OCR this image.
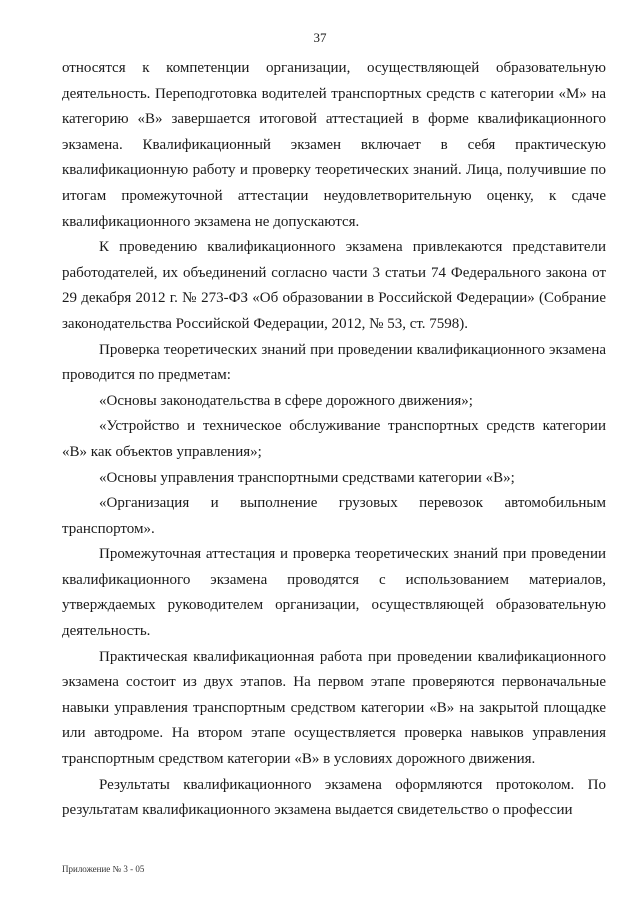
37

относятся к компетенции организации, осуществляющей образовательную деятельность. Переподготовка водителей транспортных средств с категории «М» на категорию «В» завершается итоговой аттестацией в форме квалификационного экзамена. Квалификационный экзамен включает в себя практическую квалификационную работу и проверку теоретических знаний. Лица, получившие по итогам промежуточной аттестации неудовлетворительную оценку, к сдаче квалификационного экзамена не допускаются.

К проведению квалификационного экзамена привлекаются представители работодателей, их объединений согласно части 3 статьи 74 Федерального закона от 29 декабря 2012 г. № 273-ФЗ «Об образовании в Российской Федерации» (Собрание законодательства Российской Федерации, 2012, № 53, ст. 7598).

Проверка теоретических знаний при проведении квалификационного экзамена проводится по предметам:

«Основы законодательства в сфере дорожного движения»;

«Устройство и техническое обслуживание транспортных средств категории «В» как объектов управления»;

«Основы управления транспортными средствами категории «В»;

«Организация и выполнение грузовых перевозок автомобильным транспортом».

Промежуточная аттестация и проверка теоретических знаний при проведении квалификационного экзамена проводятся с использованием материалов, утверждаемых руководителем организации, осуществляющей образовательную деятельность.

Практическая квалификационная работа при проведении квалификационного экзамена состоит из двух этапов. На первом этапе проверяются первоначальные навыки управления транспортным средством категории «В» на закрытой площадке или автодроме. На втором этапе осуществляется проверка навыков управления транспортным средством категории «В» в условиях дорожного движения.

Результаты квалификационного экзамена оформляются протоколом. По результатам квалификационного экзамена выдается свидетельство о професcии

Приложение № 3 - 05
